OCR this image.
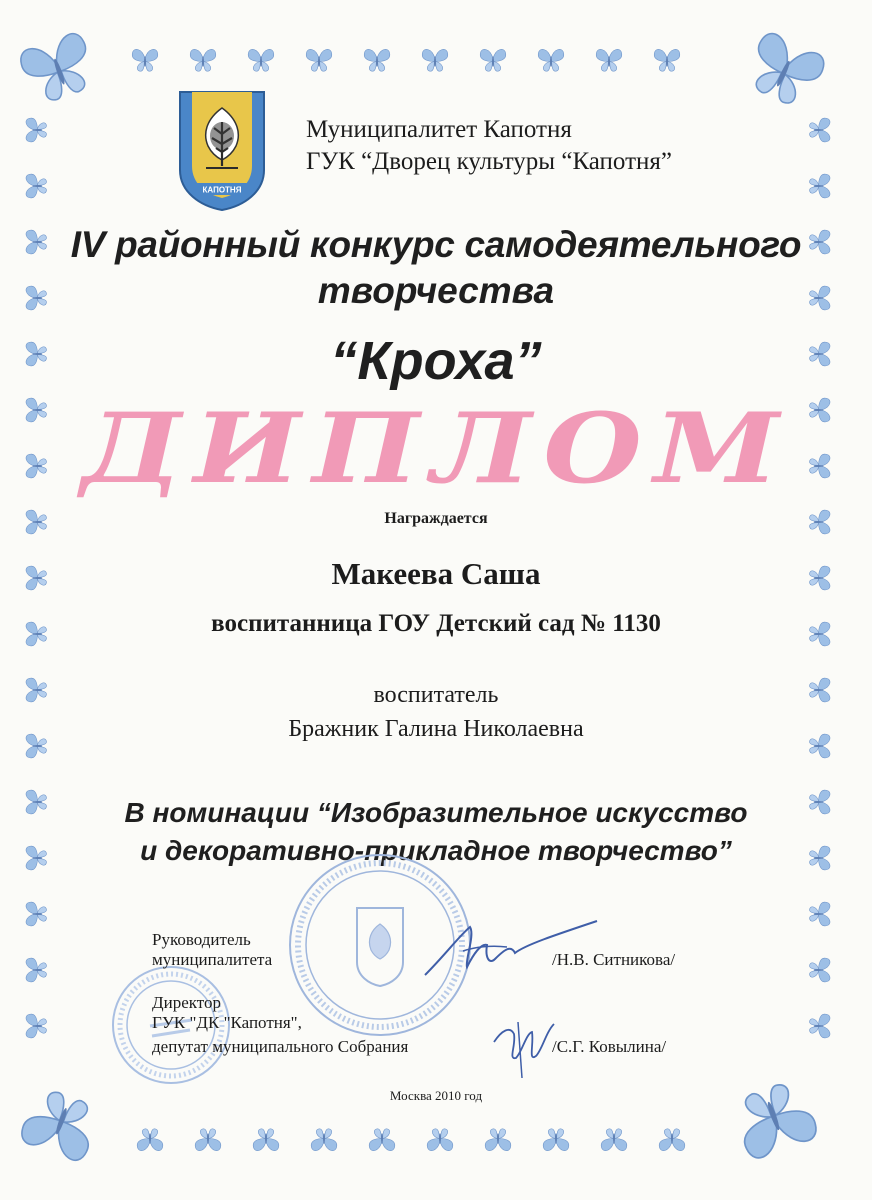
КАПОТНЯ
Муниципалитет Капотня
ГУК “Дворец культуры “Капотня”
IV районный конкурс самодеятельного
творчества
“Кроха”
ДИПЛОМ
Награждается
Макеева Саша
воспитанница ГОУ Детский сад № 1130
воспитатель
Бражник Галина Николаевна
В номинации “Изобразительное искусство
и декоративно-прикладное творчество”
Руководитель
муниципалитета	/Н.В. Ситникова/
Директор
ГУК "ДК "Капотня",
депутат муниципального Собрания	/С.Г. Ковылина/
Москва 2010 год
